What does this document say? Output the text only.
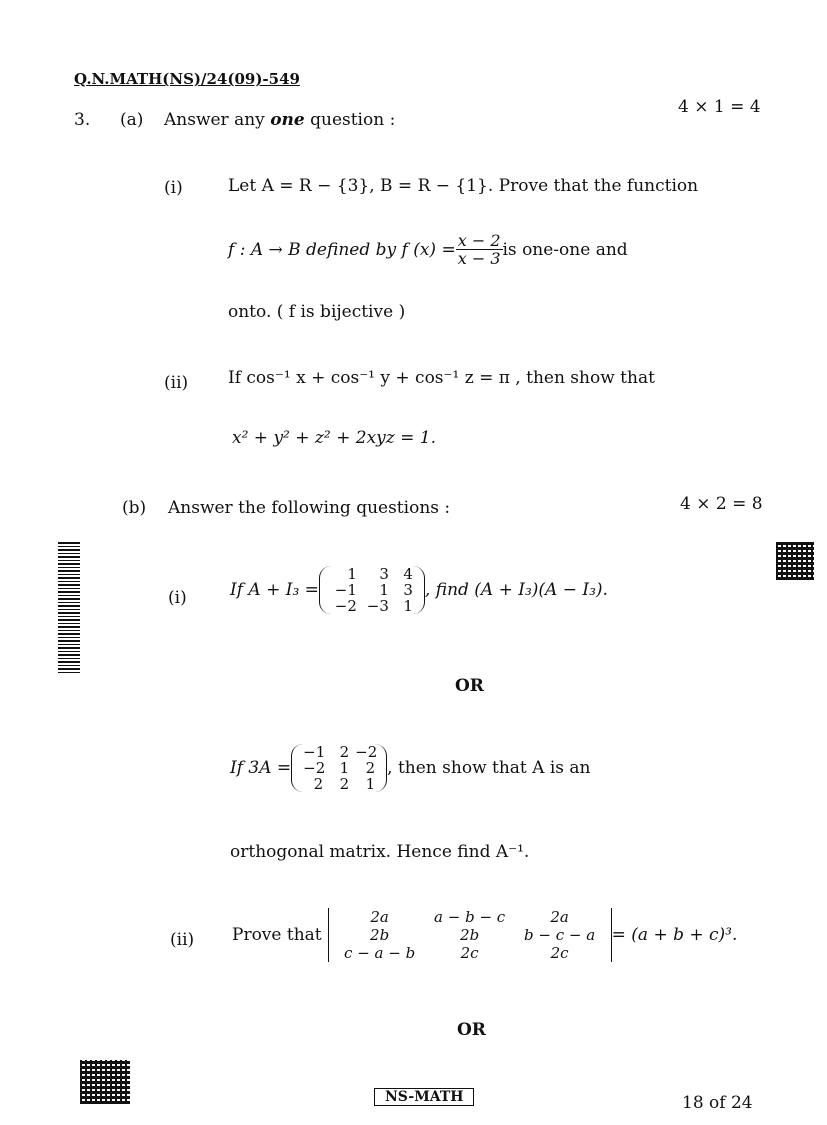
Q.N.MATH(NS)/24(09)-549
3. (a) Answer any one question :
4 × 1 = 4
(i)	Let A = R − {3}, B = R − {1}. Prove that the function
f : A → B defined by f $(x) = \frac{x - 2}{x - 3}$ is one-one and
onto. ( f is bijective )
(ii) If cos⁻¹ x + cos⁻¹ y + cos⁻¹ z = π , then show that
x² + y² + z² + 2xyz = 1.
(b) Answer the following questions :	4 × 2 = 8
(i)	If A + I₃ =
1	3 4
−1	1 3
−2 −3 1
, find (A + I₃)(A − I₃).
OR
If 3A =
−1 2 −2
−2 1	2
2	2	1
, then show that A is an
orthogonal matrix. Hence find A⁻¹.
(ii) Prove that
2a	a − b − c	2a
2b	2b	b − c − a
c − a − b	2c	2c
= (a + b + c)³.
OR
NS-MATH	18 of 24
